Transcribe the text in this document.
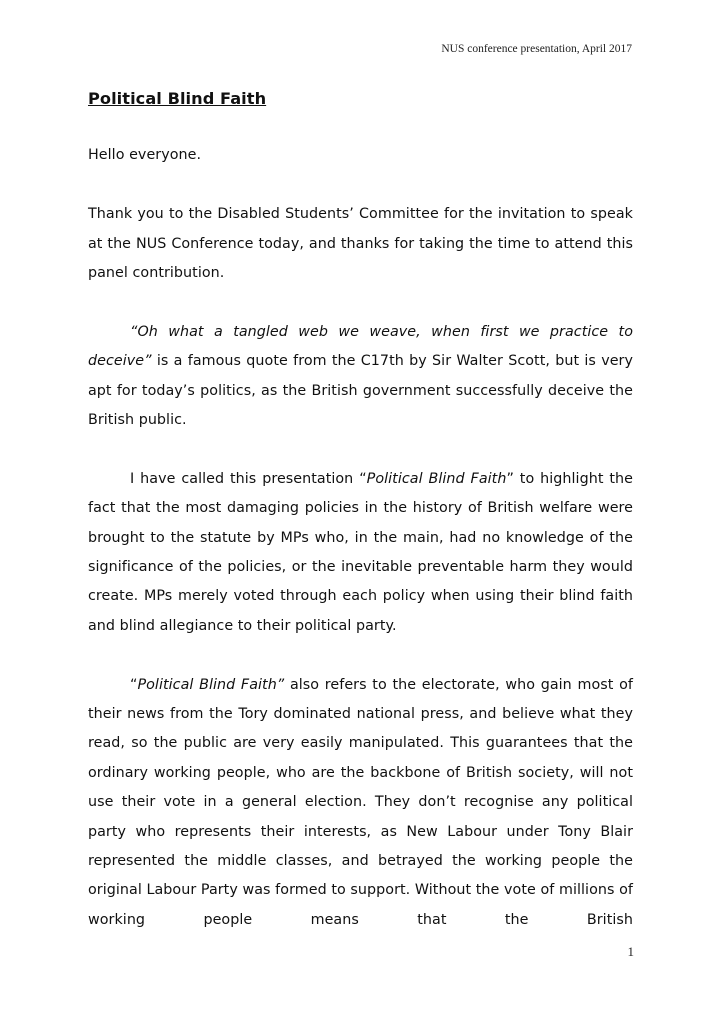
NUS conference presentation, April 2017
Political Blind Faith

Hello everyone.

Thank you to the Disabled Students’ Committee for the invitation to speak at the NUS Conference today, and thanks for taking the time to attend this panel contribution.

“Oh what a tangled web we weave, when first we practice to deceive” is a famous quote from the C17th by Sir Walter Scott, but is very apt for today’s politics, as the British government successfully deceive the British public.

I have called this presentation “Political Blind Faith” to highlight the fact that the most damaging policies in the history of British welfare were brought to the statute by MPs who, in the main, had no knowledge of the significance of the policies, or the inevitable preventable harm they would create. MPs merely voted through each policy when using their blind faith and blind allegiance to their political party.

“Political Blind Faith” also refers to the electorate, who gain most of their news from the Tory dominated national press, and believe what they read, so the public are very easily manipulated. This guarantees that the ordinary working people, who are the backbone of British society, will not use their vote in a general election. They don’t recognise any political party who represents their interests, as New Labour under Tony Blair represented the middle classes, and betrayed the working people the original Labour Party was formed to support. Without the vote of millions of working people means that the British

1
